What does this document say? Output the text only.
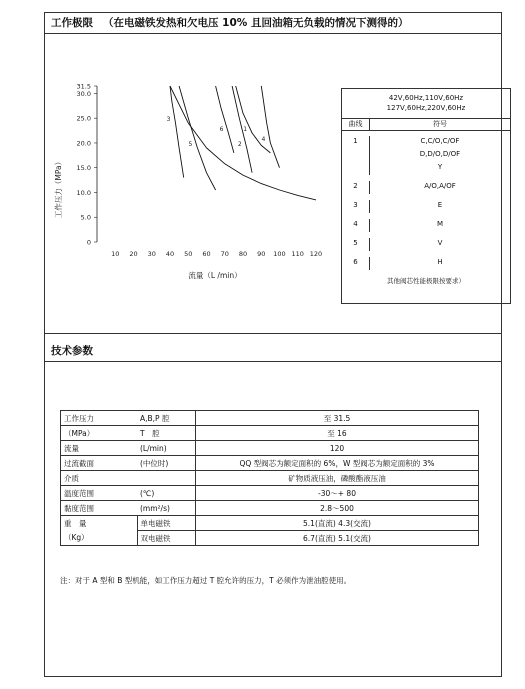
工作极限 （在电磁铁发热和欠电压 10% 且回油箱无负载的情况下测得的）
0
5.0
10.0
15.0
20.0
25.0
30.0
31.5
10 20 30 40 50 60 70 80 90 100 110 120
3
5
6
2
1
4
工作压力（MPa）
流量（L /min）
42V,60Hz,110V,60Hz
127V,60Hz,220V,60Hz
曲线	符号
1	C,C/O,C/OF
D,D/O,D/OF
Y
2	A/O,A/OF
3	E
4	M
5	V
6	H
其他阀芯性能极限按要求）
技术参数
工作压力	A,B,P 腔	至 31.5
（MPa）	T　腔	至 16
流量	(L/min)	120
过流截面	(中位时)	QQ 型阀芯为额定面积的 6%，W 型阀芯为额定面积的 3%
介质		矿物质液压油，磷酸酯液压油
温度范围	(℃)	-30～+ 80
黏度范围	(mm²/s)	2.8～500
重　量	单电磁铁	5.1(直流) 4.3(交流)
（Kg）	双电磁铁	6.7(直流) 5.1(交流)
注：对于 A 型和 B 型机能，如工作压力超过 T 腔允许的压力，T 必须作为泄油腔使用。
